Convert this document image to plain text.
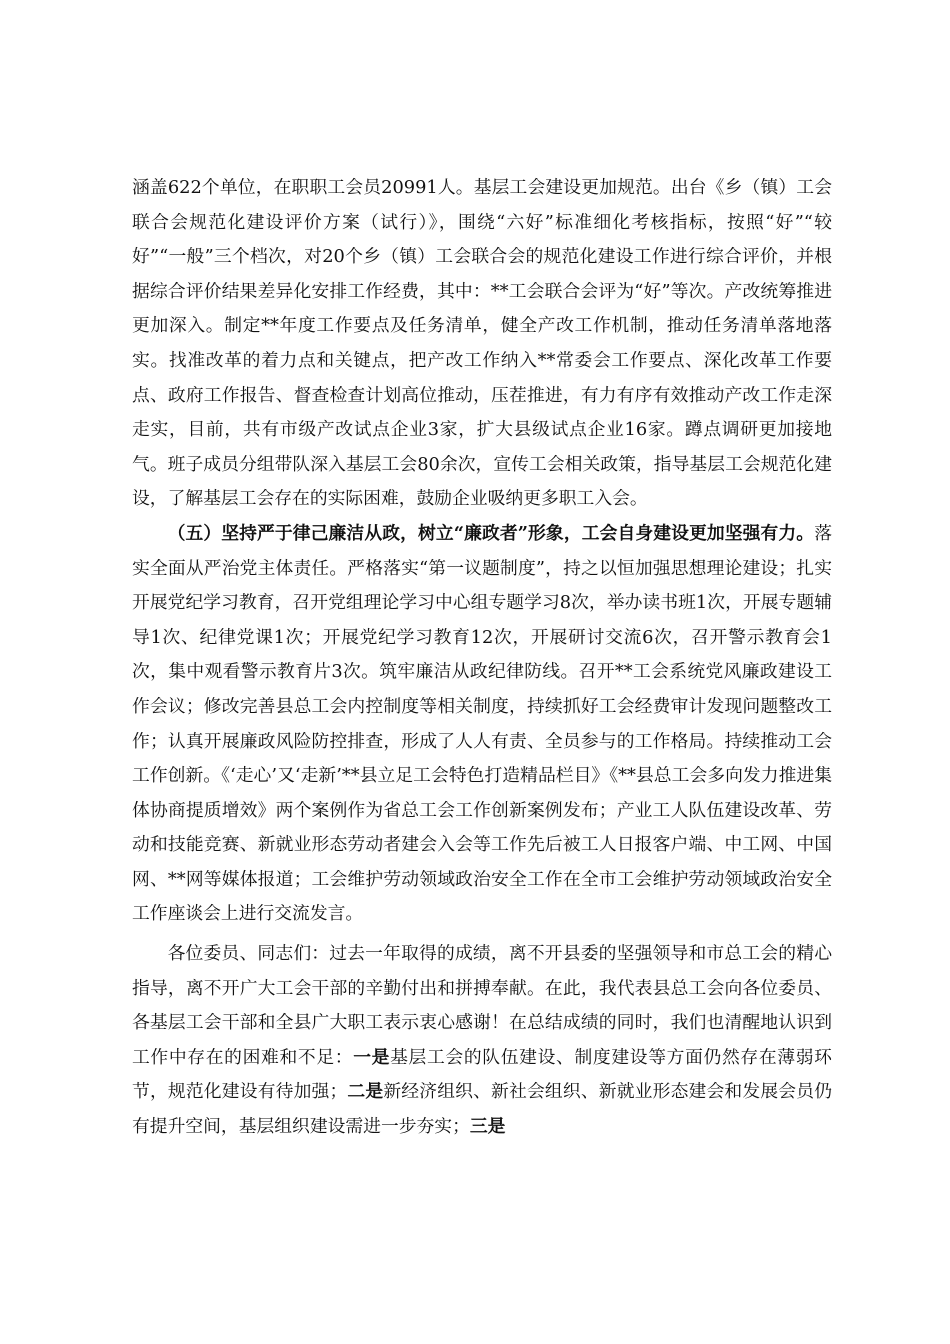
涵盖622个单位，在职职工会员20991人。基层工会建设更加规范。出台《乡（镇）工会联合会规范化建设评价方案（试行）》，围绕“六好”标准细化考核指标，按照“好”“较好”“一般”三个档次，对20个乡（镇）工会联合会的规范化建设工作进行综合评价，并根据综合评价结果差异化安排工作经费，其中：**工会联合会评为“好”等次。产改统筹推进更加深入。制定**年度工作要点及任务清单，健全产改工作机制，推动任务清单落地落实。找准改革的着力点和关键点，把产改工作纳入**常委会工作要点、深化改革工作要点、政府工作报告、督查检查计划高位推动，压茬推进，有力有序有效推动产改工作走深走实，目前，共有市级产改试点企业3家，扩大县级试点企业16家。蹲点调研更加接地气。班子成员分组带队深入基层工会80余次，宣传工会相关政策，指导基层工会规范化建设，了解基层工会存在的实际困难，鼓励企业吸纳更多职工入会。

（五）坚持严于律己廉洁从政，树立“廉政者”形象，工会自身建设更加坚强有力。落实全面从严治党主体责任。严格落实“第一议题制度”，持之以恒加强思想理论建设；扎实开展党纪学习教育，召开党组理论学习中心组专题学习8次，举办读书班1次，开展专题辅导1次、纪律党课1次；开展党纪学习教育12次，开展研讨交流6次，召开警示教育会1次，集中观看警示教育片3次。筑牢廉洁从政纪律防线。召开**工会系统党风廉政建设工作会议；修改完善县总工会内控制度等相关制度，持续抓好工会经费审计发现问题整改工作；认真开展廉政风险防控排查，形成了人人有责、全员参与的工作格局。持续推动工会工作创新。《‘走心’又‘走新’**县立足工会特色打造精品栏目》《**县总工会多向发力推进集体协商提质增效》两个案例作为省总工会工作创新案例发布；产业工人队伍建设改革、劳动和技能竞赛、新就业形态劳动者建会入会等工作先后被工人日报客户端、中工网、中国网、**网等媒体报道；工会维护劳动领域政治安全工作在全市工会维护劳动领域政治安全工作座谈会上进行交流发言。

各位委员、同志们：过去一年取得的成绩，离不开县委的坚强领导和市总工会的精心指导，离不开广大工会干部的辛勤付出和拼搏奉献。在此，我代表县总工会向各位委员、各基层工会干部和全县广大职工表示衷心感谢！在总结成绩的同时，我们也清醒地认识到工作中存在的困难和不足：一是基层工会的队伍建设、制度建设等方面仍然存在薄弱环节，规范化建设有待加强；二是新经济组织、新社会组织、新就业形态建会和发展会员仍有提升空间，基层组织建设需进一步夯实；三是
